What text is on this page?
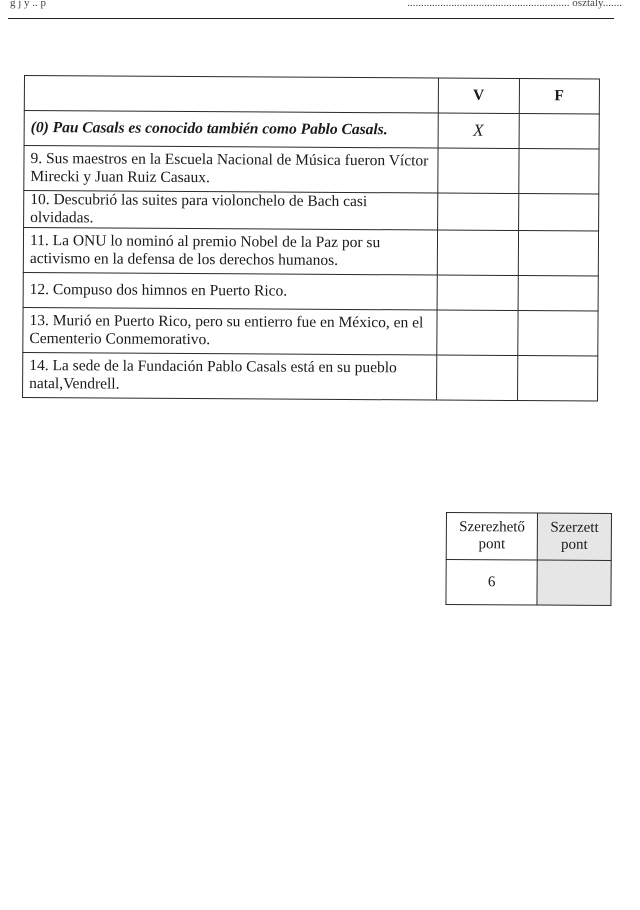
g j y .. p	........................................................... osztály.......
	V	F
(0) Pau Casals es conocido también como Pablo Casals.	X	
9. Sus maestros en la Escuela Nacional de Música fueron Víctor Mirecki y Juan Ruiz Casaux.		
10. Descubrió las suites para violonchelo de Bach casi olvidadas.		
11. La ONU lo nominó al premio Nobel de la Paz por su activismo en la defensa de los derechos humanos.		
12. Compuso dos himnos en Puerto Rico.		
13. Murió en Puerto Rico, pero su entierro fue en México, en el Cementerio Conmemorativo.		
14. La sede de la Fundación Pablo Casals está en su pueblo natal,Vendrell.		
Szerezhető pont	Szerzett pont
6	
